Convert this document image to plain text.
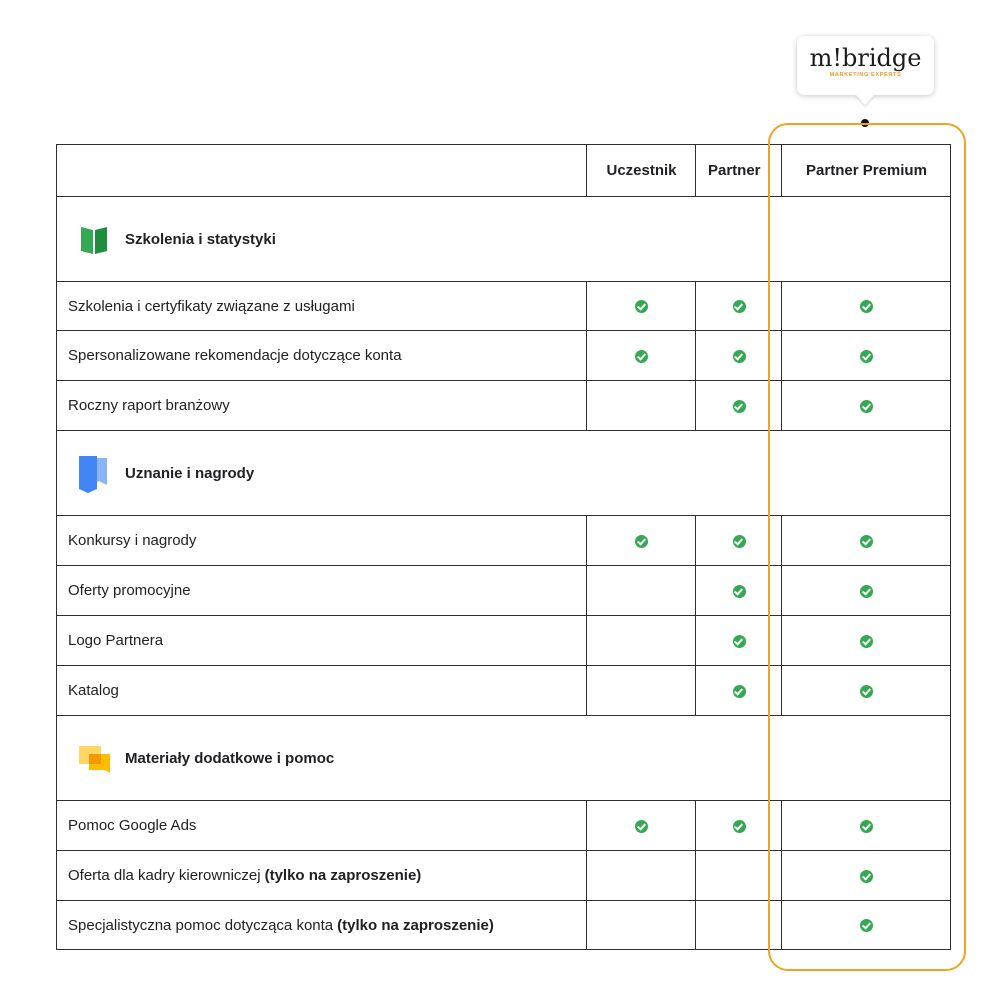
m!bridge
MARKETING EXPERTS
Uczestnik	Partner	Partner Premium
Szkolenia i statystyki
Szkolenia i certyfikaty związane z usługami
Spersonalizowane rekomendacje dotyczące konta
Roczny raport branżowy
Uznanie i nagrody
Konkursy i nagrody
Oferty promocyjne
Logo Partnera
Katalog
Materiały dodatkowe i pomoc
Pomoc Google Ads
Oferta dla kadry kierowniczej (tylko na zaproszenie)
Specjalistyczna pomoc dotycząca konta (tylko na zaproszenie)
